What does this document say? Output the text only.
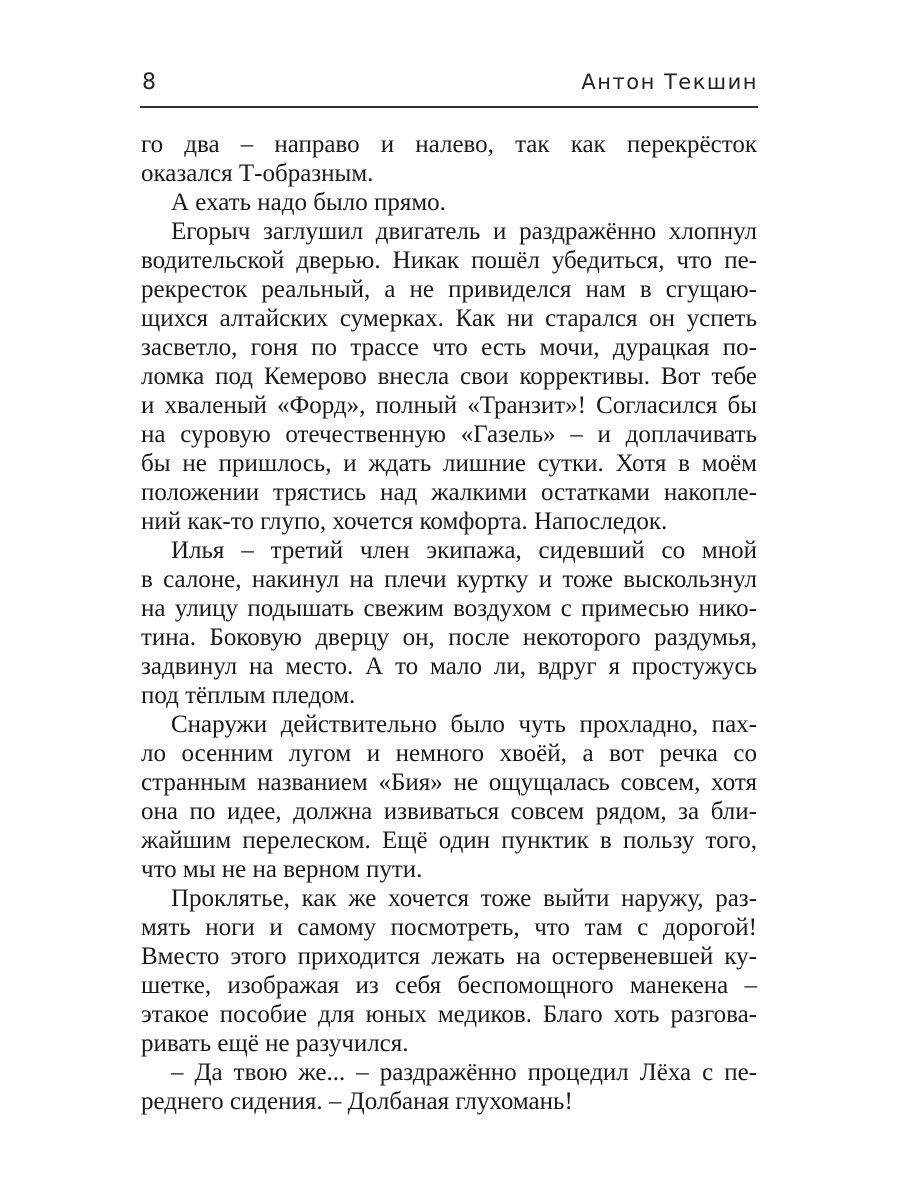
8	Антон Текшин
го два – направо и налево, так как перекрёсток
оказался Т-образным.
А ехать надо было прямо.
Егорыч заглушил двигатель и раздражённо хлопнул
водительской дверью. Никак пошёл убедиться, что пе-
рекресток реальный, а не привиделся нам в сгущаю-
щихся алтайских сумерках. Как ни старался он успеть
засветло, гоня по трассе что есть мочи, дурацкая по-
ломка под Кемерово внесла свои коррективы. Вот тебе
и хваленый «Форд», полный «Транзит»! Согласился бы
на суровую отечественную «Газель» – и доплачивать
бы не пришлось, и ждать лишние сутки. Хотя в моём
положении трястись над жалкими остатками накопле-
ний как-то глупо, хочется комфорта. Напоследок.
Илья – третий член экипажа, сидевший со мной
в салоне, накинул на плечи куртку и тоже выскользнул
на улицу подышать свежим воздухом с примесью нико-
тина. Боковую дверцу он, после некоторого раздумья,
задвинул на место. А то мало ли, вдруг я простужусь
под тёплым пледом.
Снаружи действительно было чуть прохладно, пах-
ло осенним лугом и немного хвоёй, а вот речка со
странным названием «Бия» не ощущалась совсем, хотя
она по идее, должна извиваться совсем рядом, за бли-
жайшим перелеском. Ещё один пунктик в пользу того,
что мы не на верном пути.
Проклятье, как же хочется тоже выйти наружу, раз-
мять ноги и самому посмотреть, что там с дорогой!
Вместо этого приходится лежать на остервеневшей ку-
шетке, изображая из себя беспомощного манекена –
этакое пособие для юных медиков. Благо хоть разгова-
ривать ещё не разучился.
– Да твою же... – раздражённо процедил Лёха с пе-
реднего сидения. – Долбаная глухомань!
